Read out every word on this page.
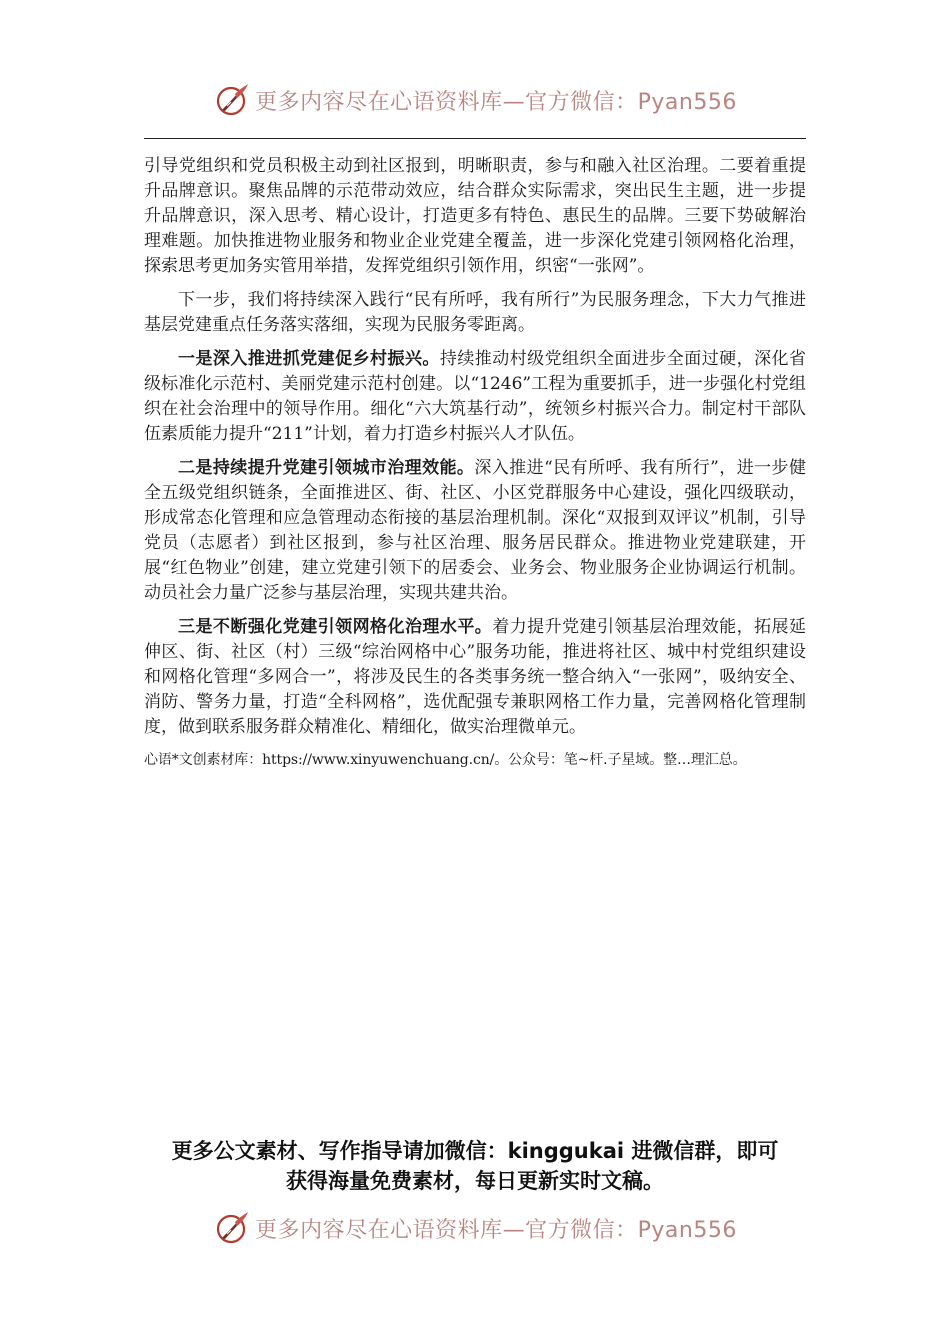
更多内容尽在心语资料库—官方微信：Pyan556

引导党组织和党员积极主动到社区报到，明晰职责，参与和融入社区治理。二要着重提升品牌意识。聚焦品牌的示范带动效应，结合群众实际需求，突出民生主题，进一步提升品牌意识，深入思考、精心设计，打造更多有特色、惠民生的品牌。三要下势破解治理难题。加快推进物业服务和物业企业党建全覆盖，进一步深化党建引领网格化治理，探索思考更加务实管用举措，发挥党组织引领作用，织密“一张网”。

下一步，我们将持续深入践行“民有所呼，我有所行”为民服务理念，下大力气推进基层党建重点任务落实落细，实现为民服务零距离。

一是深入推进抓党建促乡村振兴。持续推动村级党组织全面进步全面过硬，深化省级标准化示范村、美丽党建示范村创建。以“1246”工程为重要抓手，进一步强化村党组织在社会治理中的领导作用。细化“六大筑基行动”，统领乡村振兴合力。制定村干部队伍素质能力提升“211”计划，着力打造乡村振兴人才队伍。

二是持续提升党建引领城市治理效能。深入推进“民有所呼、我有所行”，进一步健全五级党组织链条，全面推进区、街、社区、小区党群服务中心建设，强化四级联动，形成常态化管理和应急管理动态衔接的基层治理机制。深化“双报到双评议”机制，引导党员（志愿者）到社区报到，参与社区治理、服务居民群众。推进物业党建联建，开展“红色物业”创建，建立党建引领下的居委会、业务会、物业服务企业协调运行机制。动员社会力量广泛参与基层治理，实现共建共治。

三是不断强化党建引领网格化治理水平。着力提升党建引领基层治理效能，拓展延伸区、街、社区（村）三级“综治网格中心”服务功能，推进将社区、城中村党组织建设和网格化管理“多网合一”，将涉及民生的各类事务统一整合纳入“一张网”，吸纳安全、消防、警务力量，打造“全科网格”，选优配强专兼职网格工作力量，完善网格化管理制度，做到联系服务群众精准化、精细化，做实治理微单元。

心语*文创素材库：https://www.xinyuwenchuang.cn/。公众号：笔~杆.子星域。整…理汇总。

更多公文素材、写作指导请加微信：kinggukai 进微信群，即可
获得海量免费素材，每日更新实时文稿。
更多内容尽在心语资料库—官方微信：Pyan556
